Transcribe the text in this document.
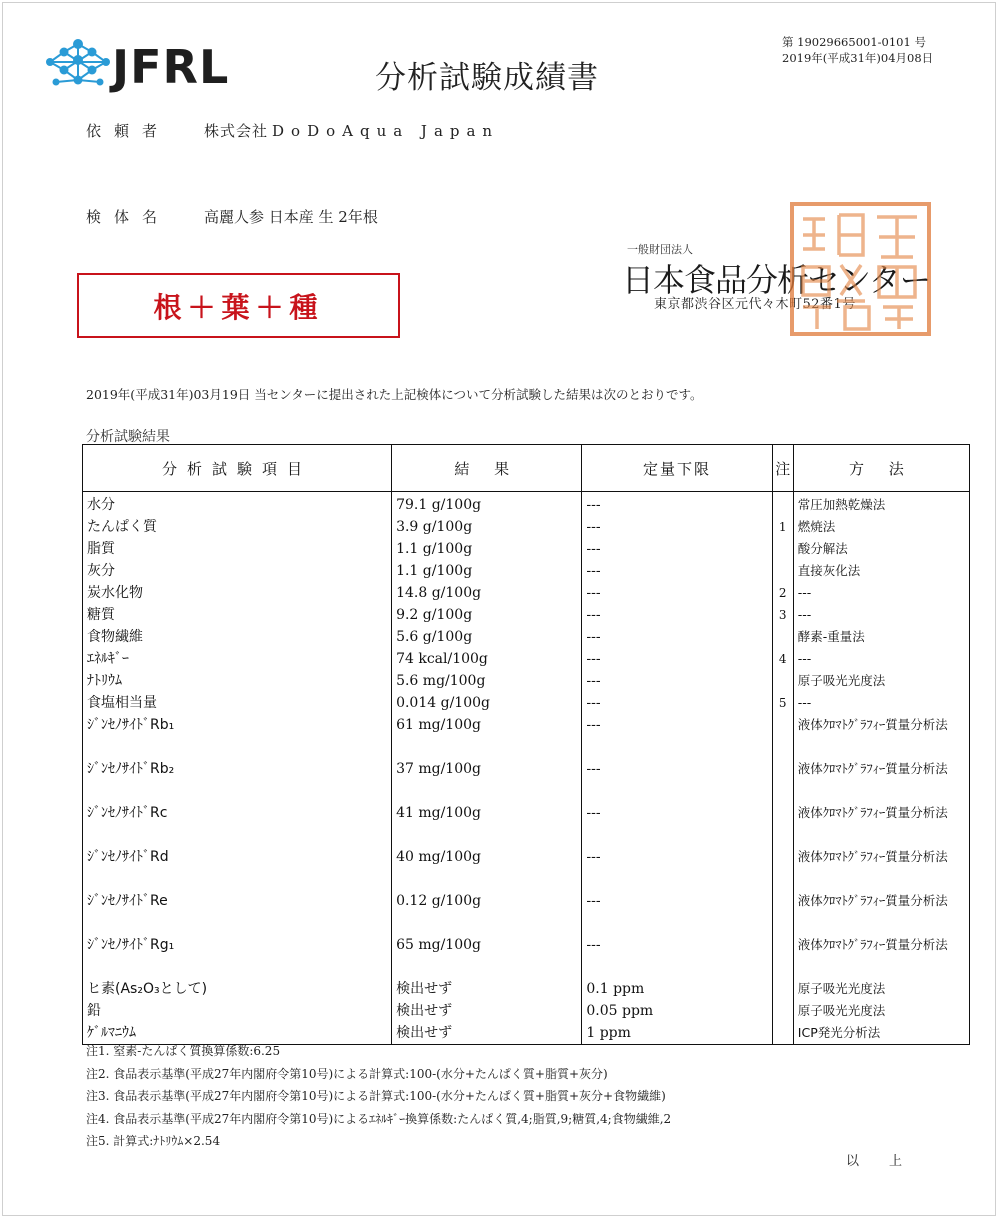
JFRL	分析試験成績書
第 19029665001-0101 号
2019年(平成31年)04月08日
依頼者 株式会社 DoDoAqua Japan
検体名 高麗人参 日本産 生 2年根
根＋葉＋種
一般財団法人
日本食品分析センター
東京都渋谷区元代々木町52番1号
2019年(平成31年)03月19日 当センターに提出された上記検体について分析試験した結果は次のとおりです。
分析試験結果
分析試験項目	結 果	定量下限	注	方 法
水分	79.1 g/100g	---		常圧加熱乾燥法
たんぱく質	3.9 g/100g	---	1	燃焼法
脂質	1.1 g/100g	---		酸分解法
灰分	1.1 g/100g	---		直接灰化法
炭水化物	14.8 g/100g	---	2	---
糖質	9.2 g/100g	---	3	---
食物繊維	5.6 g/100g	---		酵素-重量法
ｴﾈﾙｷﾞｰ	74 kcal/100g	---	4	---
ﾅﾄﾘｳﾑ	5.6 mg/100g	---		原子吸光光度法
食塩相当量	0.014 g/100g	---	5	---
ｼﾞﾝｾﾉｻｲﾄﾞRb₁	61 mg/100g	---		液体ｸﾛﾏﾄｸﾞﾗﾌｨｰ質量分析法
ｼﾞﾝｾﾉｻｲﾄﾞRb₂	37 mg/100g	---		液体ｸﾛﾏﾄｸﾞﾗﾌｨｰ質量分析法
ｼﾞﾝｾﾉｻｲﾄﾞRc	41 mg/100g	---		液体ｸﾛﾏﾄｸﾞﾗﾌｨｰ質量分析法
ｼﾞﾝｾﾉｻｲﾄﾞRd	40 mg/100g	---		液体ｸﾛﾏﾄｸﾞﾗﾌｨｰ質量分析法
ｼﾞﾝｾﾉｻｲﾄﾞRe	0.12 g/100g	---		液体ｸﾛﾏﾄｸﾞﾗﾌｨｰ質量分析法
ｼﾞﾝｾﾉｻｲﾄﾞRg₁	65 mg/100g	---		液体ｸﾛﾏﾄｸﾞﾗﾌｨｰ質量分析法
ヒ素(As₂O₃として)	検出せず	0.1 ppm		原子吸光光度法
鉛	検出せず	0.05 ppm		原子吸光光度法
ｹﾞﾙﾏﾆｳﾑ	検出せず	1 ppm		ICP発光分析法
注1. 窒素-たんぱく質換算係数:6.25
注2. 食品表示基準(平成27年内閣府令第10号)による計算式:100-(水分+たんぱく質+脂質+灰分)
注3. 食品表示基準(平成27年内閣府令第10号)による計算式:100-(水分+たんぱく質+脂質+灰分+食物繊維)
注4. 食品表示基準(平成27年内閣府令第10号)によるｴﾈﾙｷﾞｰ換算係数:たんぱく質,4;脂質,9;糖質,4;食物繊維,2
注5. 計算式:ﾅﾄﾘｳﾑ×2.54
以上
